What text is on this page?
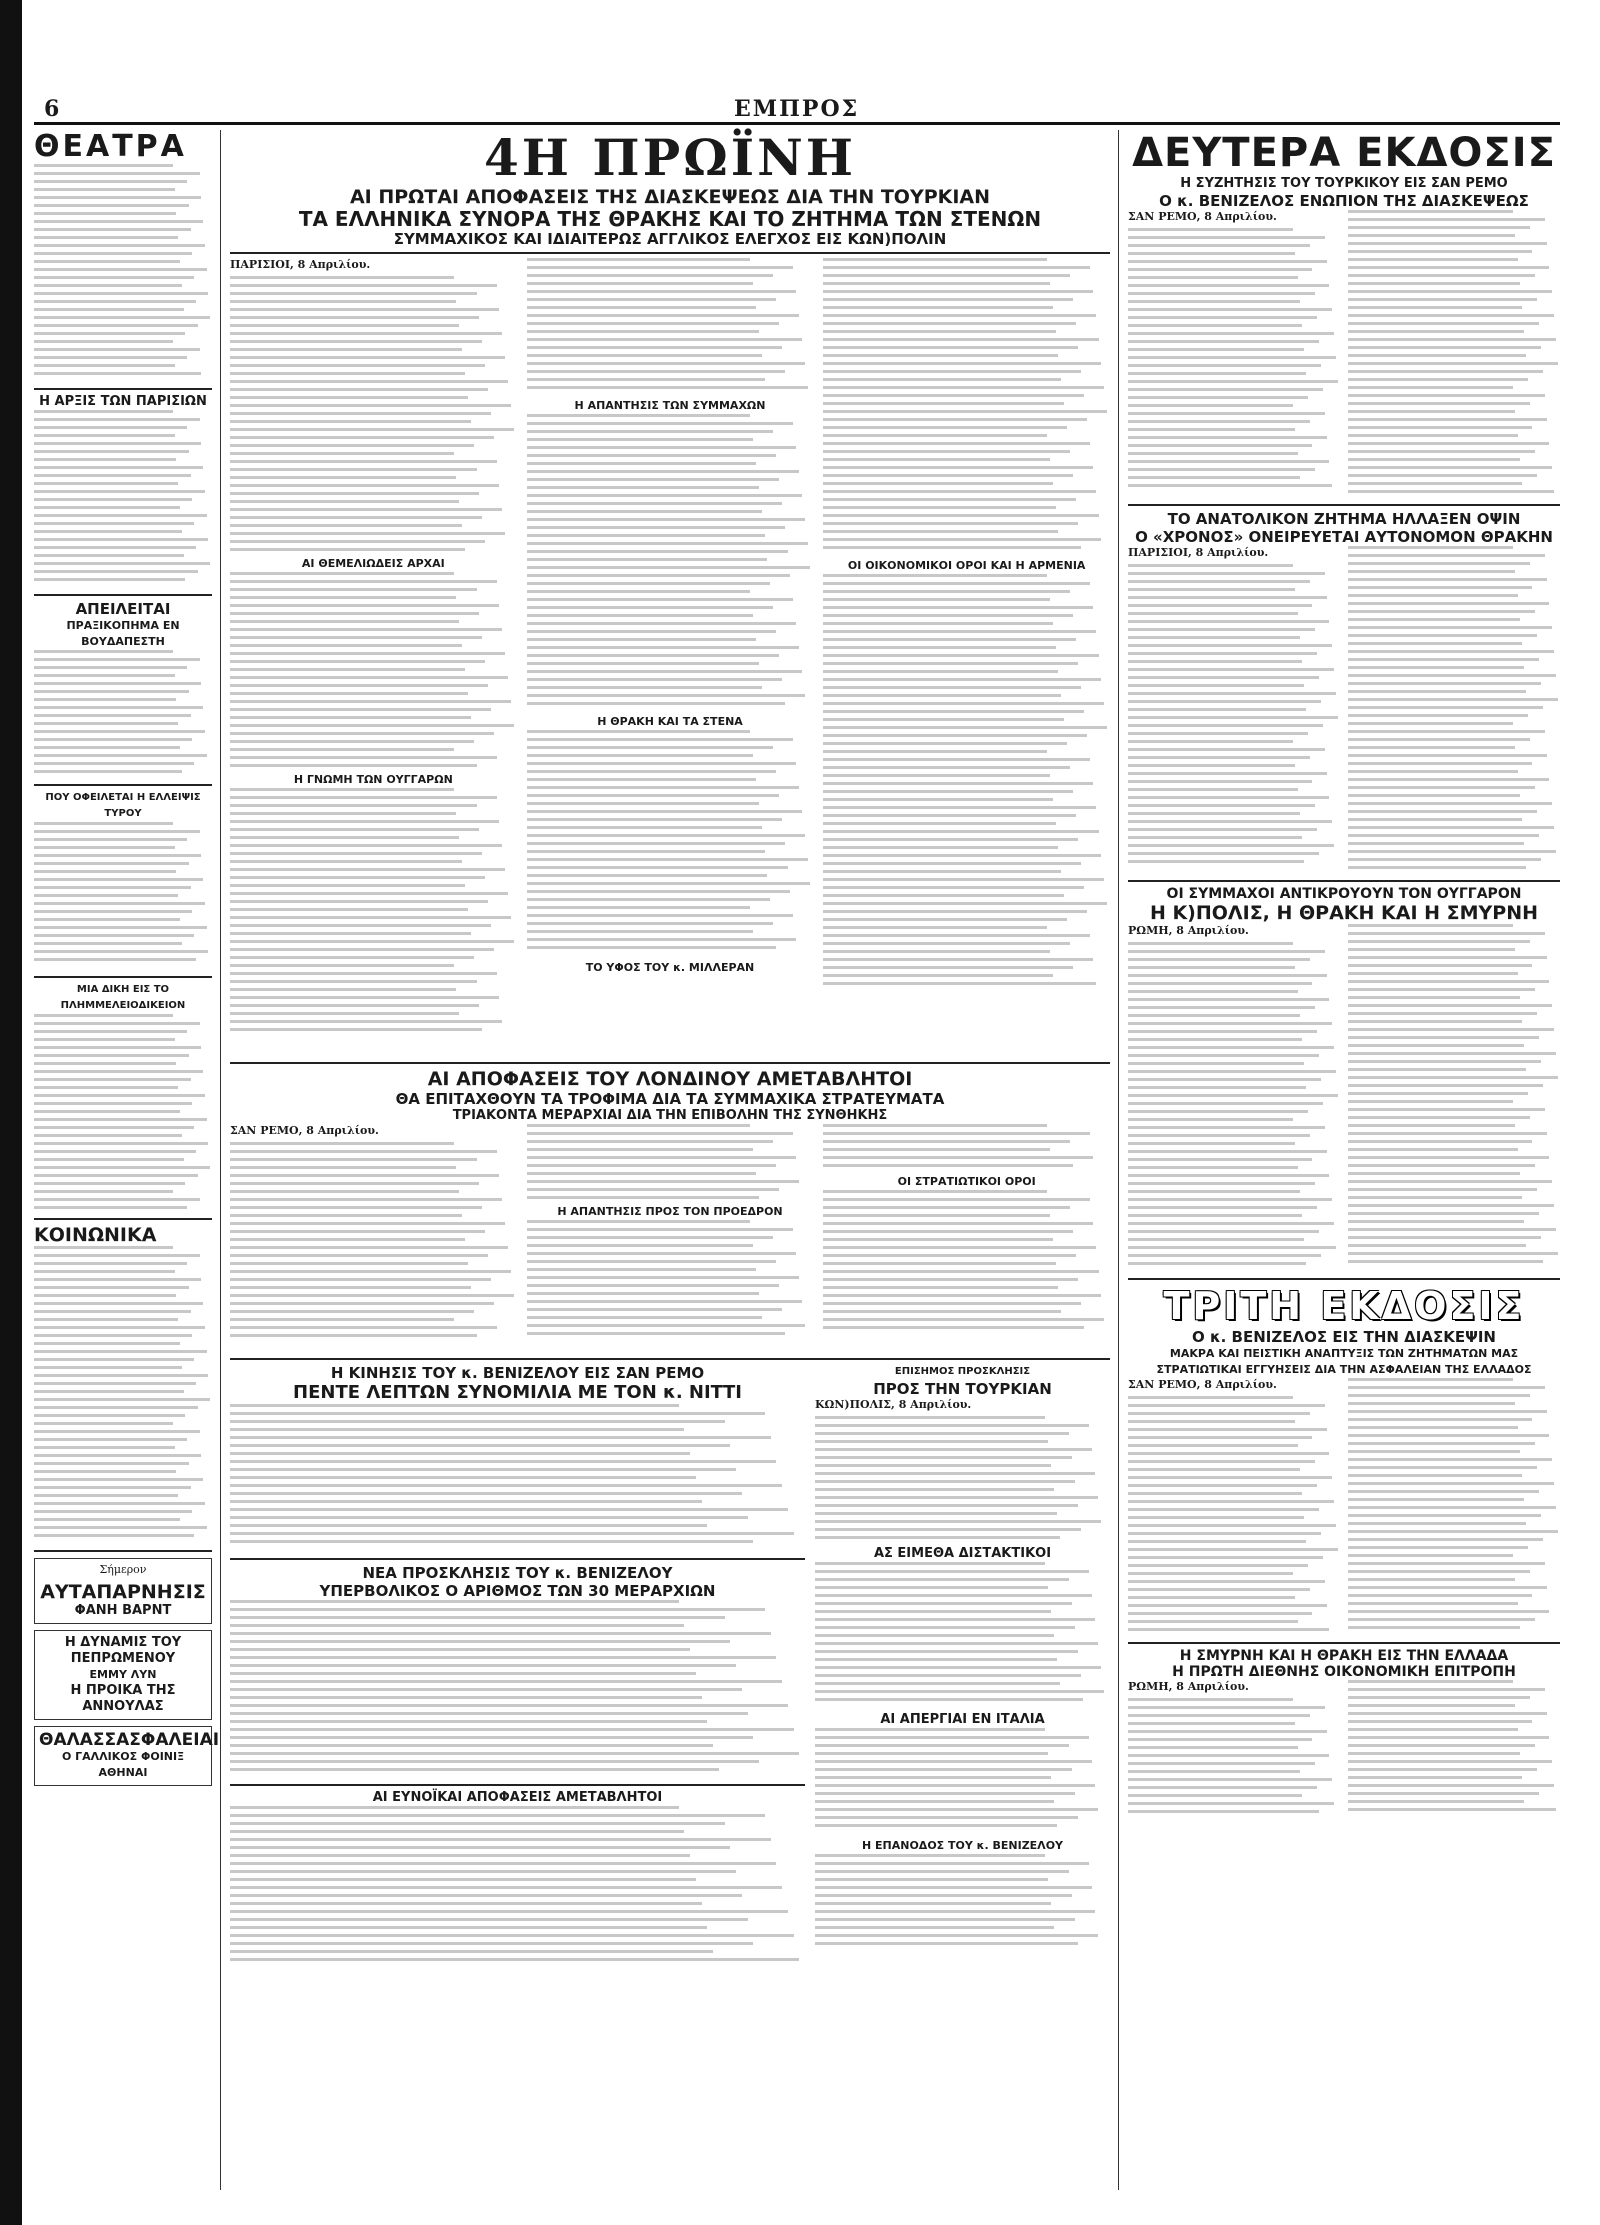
6	ΕΜΠΡΟΣ
ΘΕΑΤΡΑ
Η ΑΡΞΙΣ ΤΩΝ ΠΑΡΙΣΙΩΝ
ΑΠΕΙΛΕΙΤΑΙ
ΠΡΑΞΙΚΟΠΗΜΑ ΕΝ ΒΟΥΔΑΠΕΣΤΗ
ΠΟΥ ΟΦΕΙΛΕΤΑΙ Η ΕΛΛΕΙΨΙΣ ΤΥΡΟΥ
ΜΙΑ ΔΙΚΗ ΕΙΣ ΤΟ ΠΛΗΜΜΕΛΕΙΟΔΙΚΕΙΟΝ
ΚΟΙΝΩΝΙΚΑ
Σήμερον
ΑΥΤΑΠΑΡΝΗΣΙΣ
ΦΑΝΗ ΒΑΡΝΤ
Η ΔΥΝΑΜΙΣ ΤΟΥ ΠΕΠΡΩΜΕΝΟΥ
ΕΜΜΥ ΛΥΝ
Η ΠΡΟΙΚΑ ΤΗΣ ΑΝΝΟΥΛΑΣ
ΘΑΛΑΣΣΑΣΦΑΛΕΙΑΙ
Ο ΓΑΛΛΙΚΟΣ ΦΟΙΝΙΞ
ΑΘΗΝΑΙ
4Η ΠΡΩΪΝΗ
ΑΙ ΠΡΩΤΑΙ ΑΠΟΦΑΣΕΙΣ ΤΗΣ ΔΙΑΣΚΕΨΕΩΣ ΔΙΑ ΤΗΝ ΤΟΥΡΚΙΑΝ
ΤΑ ΕΛΛΗΝΙΚΑ ΣΥΝΟΡΑ ΤΗΣ ΘΡΑΚΗΣ ΚΑΙ ΤΟ ΖΗΤΗΜΑ ΤΩΝ ΣΤΕΝΩΝ
ΣΥΜΜΑΧΙΚΟΣ ΚΑΙ ΙΔΙΑΙΤΕΡΩΣ ΑΓΓΛΙΚΟΣ ΕΛΕΓΧΟΣ ΕΙΣ ΚΩΝ)ΠΟΛΙΝ
ΠΑΡΙΣΙΟΙ, 8 Απριλίου.
ΑΙ ΘΕΜΕΛΙΩΔΕΙΣ ΑΡΧΑΙ
Η ΓΝΩΜΗ ΤΩΝ ΟΥΓΓΑΡΩΝ
Η ΑΠΑΝΤΗΣΙΣ ΤΩΝ ΣΥΜΜΑΧΩΝ
Η ΘΡΑΚΗ ΚΑΙ ΤΑ ΣΤΕΝΑ
ΤΟ ΥΦΟΣ ΤΟΥ κ. ΜΙΛΛΕΡΑΝ
ΟΙ ΟΙΚΟΝΟΜΙΚΟΙ ΟΡΟΙ ΚΑΙ Η ΑΡΜΕΝΙΑ
ΑΙ ΑΠΟΦΑΣΕΙΣ ΤΟΥ ΛΟΝΔΙΝΟΥ ΑΜΕΤΑΒΛΗΤΟΙ
ΘΑ ΕΠΙΤΑΧΘΟΥΝ ΤΑ ΤΡΟΦΙΜΑ ΔΙΑ ΤΑ ΣΥΜΜΑΧΙΚΑ ΣΤΡΑΤΕΥΜΑΤΑ
ΤΡΙΑΚΟΝΤΑ ΜΕΡΑΡΧΙΑΙ ΔΙΑ ΤΗΝ ΕΠΙΒΟΛΗΝ ΤΗΣ ΣΥΝΘΗΚΗΣ
ΣΑΝ ΡΕΜΟ, 8 Απριλίου.
Η ΑΠΑΝΤΗΣΙΣ ΠΡΟΣ ΤΟΝ ΠΡΟΕΔΡΟΝ
ΟΙ ΣΤΡΑΤΙΩΤΙΚΟΙ ΟΡΟΙ
Η ΚΙΝΗΣΙΣ ΤΟΥ κ. ΒΕΝΙΖΕΛΟΥ ΕΙΣ ΣΑΝ ΡΕΜΟ
ΠΕΝΤΕ ΛΕΠΤΩΝ ΣΥΝΟΜΙΛΙΑ ΜΕ ΤΟΝ κ. ΝΙΤΤΙ
ΝΕΑ ΠΡΟΣΚΛΗΣΙΣ ΤΟΥ κ. ΒΕΝΙΖΕΛΟΥ
ΥΠΕΡΒΟΛΙΚΟΣ Ο ΑΡΙΘΜΟΣ ΤΩΝ 30 ΜΕΡΑΡΧΙΩΝ
ΑΙ ΕΥΝΟΪΚΑΙ ΑΠΟΦΑΣΕΙΣ ΑΜΕΤΑΒΛΗΤΟΙ
ΕΠΙΣΗΜΟΣ ΠΡΟΣΚΛΗΣΙΣ
ΠΡΟΣ ΤΗΝ ΤΟΥΡΚΙΑΝ
ΚΩΝ)ΠΟΛΙΣ, 8 Απριλίου.
ΑΣ ΕΙΜΕΘΑ ΔΙΣΤΑΚΤΙΚΟΙ
ΑΙ ΑΠΕΡΓΙΑΙ ΕΝ ΙΤΑΛΙΑ
Η ΕΠΑΝΟΔΟΣ ΤΟΥ κ. ΒΕΝΙΖΕΛΟΥ
ΔΕΥΤΕΡΑ ΕΚΔΟΣΙΣ
Η ΣΥΖΗΤΗΣΙΣ ΤΟΥ ΤΟΥΡΚΙΚΟΥ ΕΙΣ ΣΑΝ ΡΕΜΟ
Ο κ. ΒΕΝΙΖΕΛΟΣ ΕΝΩΠΙΟΝ ΤΗΣ ΔΙΑΣΚΕΨΕΩΣ
ΣΑΝ ΡΕΜΟ, 8 Απριλίου.
ΤΟ ΑΝΑΤΟΛΙΚΟΝ ΖΗΤΗΜΑ ΗΛΛΑΞΕΝ ΟΨΙΝ
Ο «ΧΡΟΝΟΣ» ΟΝΕΙΡΕΥΕΤΑΙ ΑΥΤΟΝΟΜΟΝ ΘΡΑΚΗΝ
ΠΑΡΙΣΙΟΙ, 8 Απριλίου.
ΟΙ ΣΥΜΜΑΧΟΙ ΑΝΤΙΚΡΟΥΟΥΝ ΤΟΝ ΟΥΓΓΑΡΟΝ
Η Κ)ΠΟΛΙΣ, Η ΘΡΑΚΗ ΚΑΙ Η ΣΜΥΡΝΗ
ΡΩΜΗ, 8 Απριλίου.
ΤΡΙΤΗ ΕΚΔΟΣΙΣ
Ο κ. ΒΕΝΙΖΕΛΟΣ ΕΙΣ ΤΗΝ ΔΙΑΣΚΕΨΙΝ
ΜΑΚΡΑ ΚΑΙ ΠΕΙΣΤΙΚΗ ΑΝΑΠΤΥΞΙΣ ΤΩΝ ΖΗΤΗΜΑΤΩΝ ΜΑΣ
ΣΤΡΑΤΙΩΤΙΚΑΙ ΕΓΓΥΗΣΕΙΣ ΔΙΑ ΤΗΝ ΑΣΦΑΛΕΙΑΝ ΤΗΣ ΕΛΛΑΔΟΣ
ΣΑΝ ΡΕΜΟ, 8 Απριλίου.
Η ΣΜΥΡΝΗ ΚΑΙ Η ΘΡΑΚΗ ΕΙΣ ΤΗΝ ΕΛΛΑΔΑ
Η ΠΡΩΤΗ ΔΙΕΘΝΗΣ ΟΙΚΟΝΟΜΙΚΗ ΕΠΙΤΡΟΠΗ
ΡΩΜΗ, 8 Απριλίου.
